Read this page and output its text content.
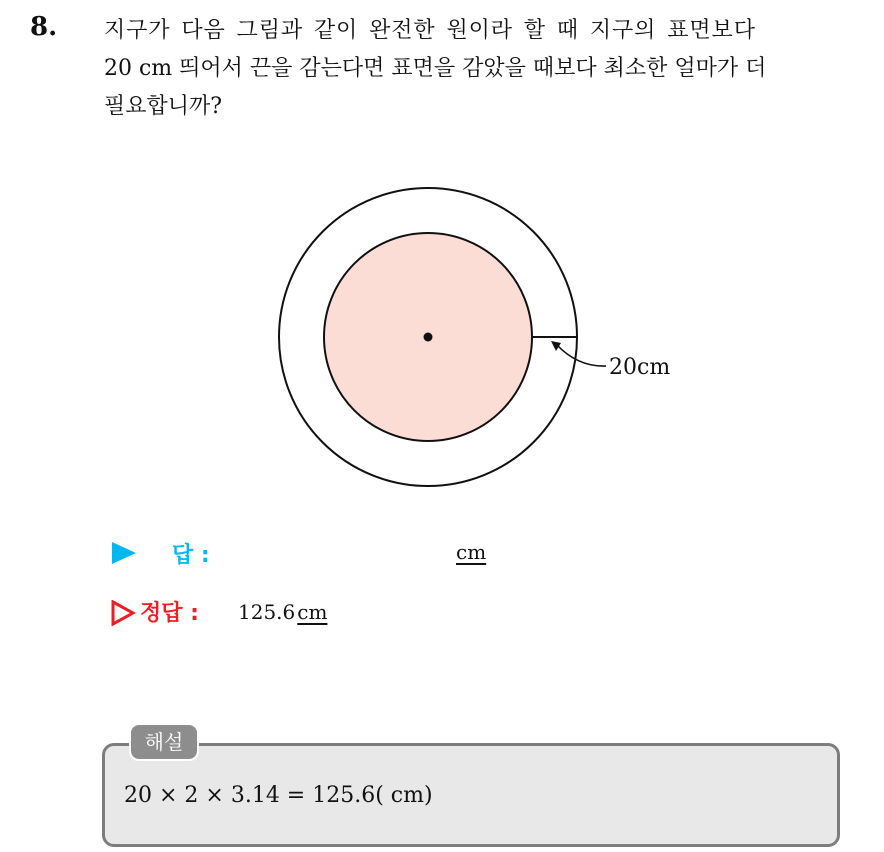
8. 지구가 다음 그림과 같이 완전한 원이라 할 때 지구의 표면보다
20 cm 띄어서 끈을 감는다면 표면을 감았을 때보다 최소한 얼마가 더
필요합니까?

20cm
답 :	cm
정답 : 125.6 cm
해설
20 × 2 × 3.14 = 125.6( cm)
